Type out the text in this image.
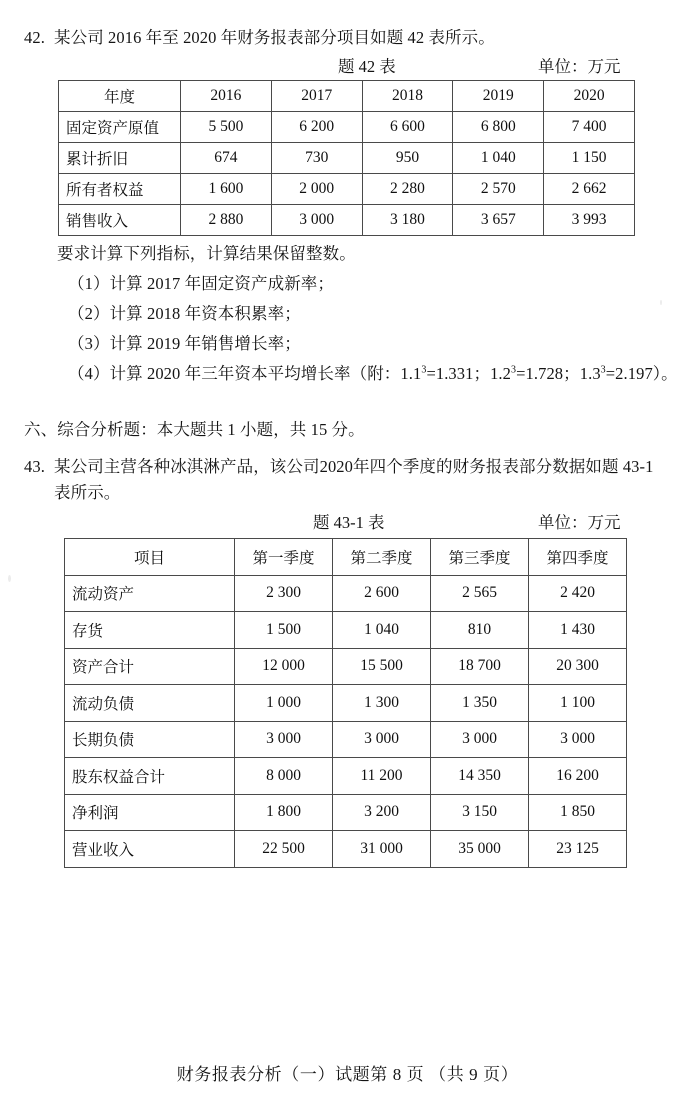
42. 某公司 2016 年至 2020 年财务报表部分项目如题 42 表所示。
题 42 表	单位：万元
年度	2016	2017	2018	2019	2020
固定资产原值	5 500	6 200	6 600	6 800	7 400
累计折旧	674	730	950	1 040	1 150
所有者权益	1 600	2 000	2 280	2 570	2 662
销售收入	2 880	3 000	3 180	3 657	3 993
要求计算下列指标，计算结果保留整数。
（1）计算 2017 年固定资产成新率；
（2）计算 2018 年资本积累率；
（3）计算 2019 年销售增长率；
（4）计算 2020 年三年资本平均增长率（附：$1.1^3=1.331$；$1.2^3=1.728$；$1.3^3=2.197$）。
六、综合分析题：本大题共 1 小题，共 15 分。
43. 某公司主营各种冰淇淋产品，该公司2020年四个季度的财务报表部分数据如题 43-1
表所示。
题 43-1 表	单位：万元
项目	第一季度	第二季度	第三季度	第四季度
流动资产	2 300	2 600	2 565	2 420
存货	1 500	1 040	810	1 430
资产合计	12 000	15 500	18 700	20 300
流动负债	1 000	1 300	1 350	1 100
长期负债	3 000	3 000	3 000	3 000
股东权益合计	8 000	11 200	14 350	16 200
净利润	1 800	3 200	3 150	1 850
营业收入	22 500	31 000	35 000	23 125
财务报表分析（一）试题第 8 页 （共 9 页）
